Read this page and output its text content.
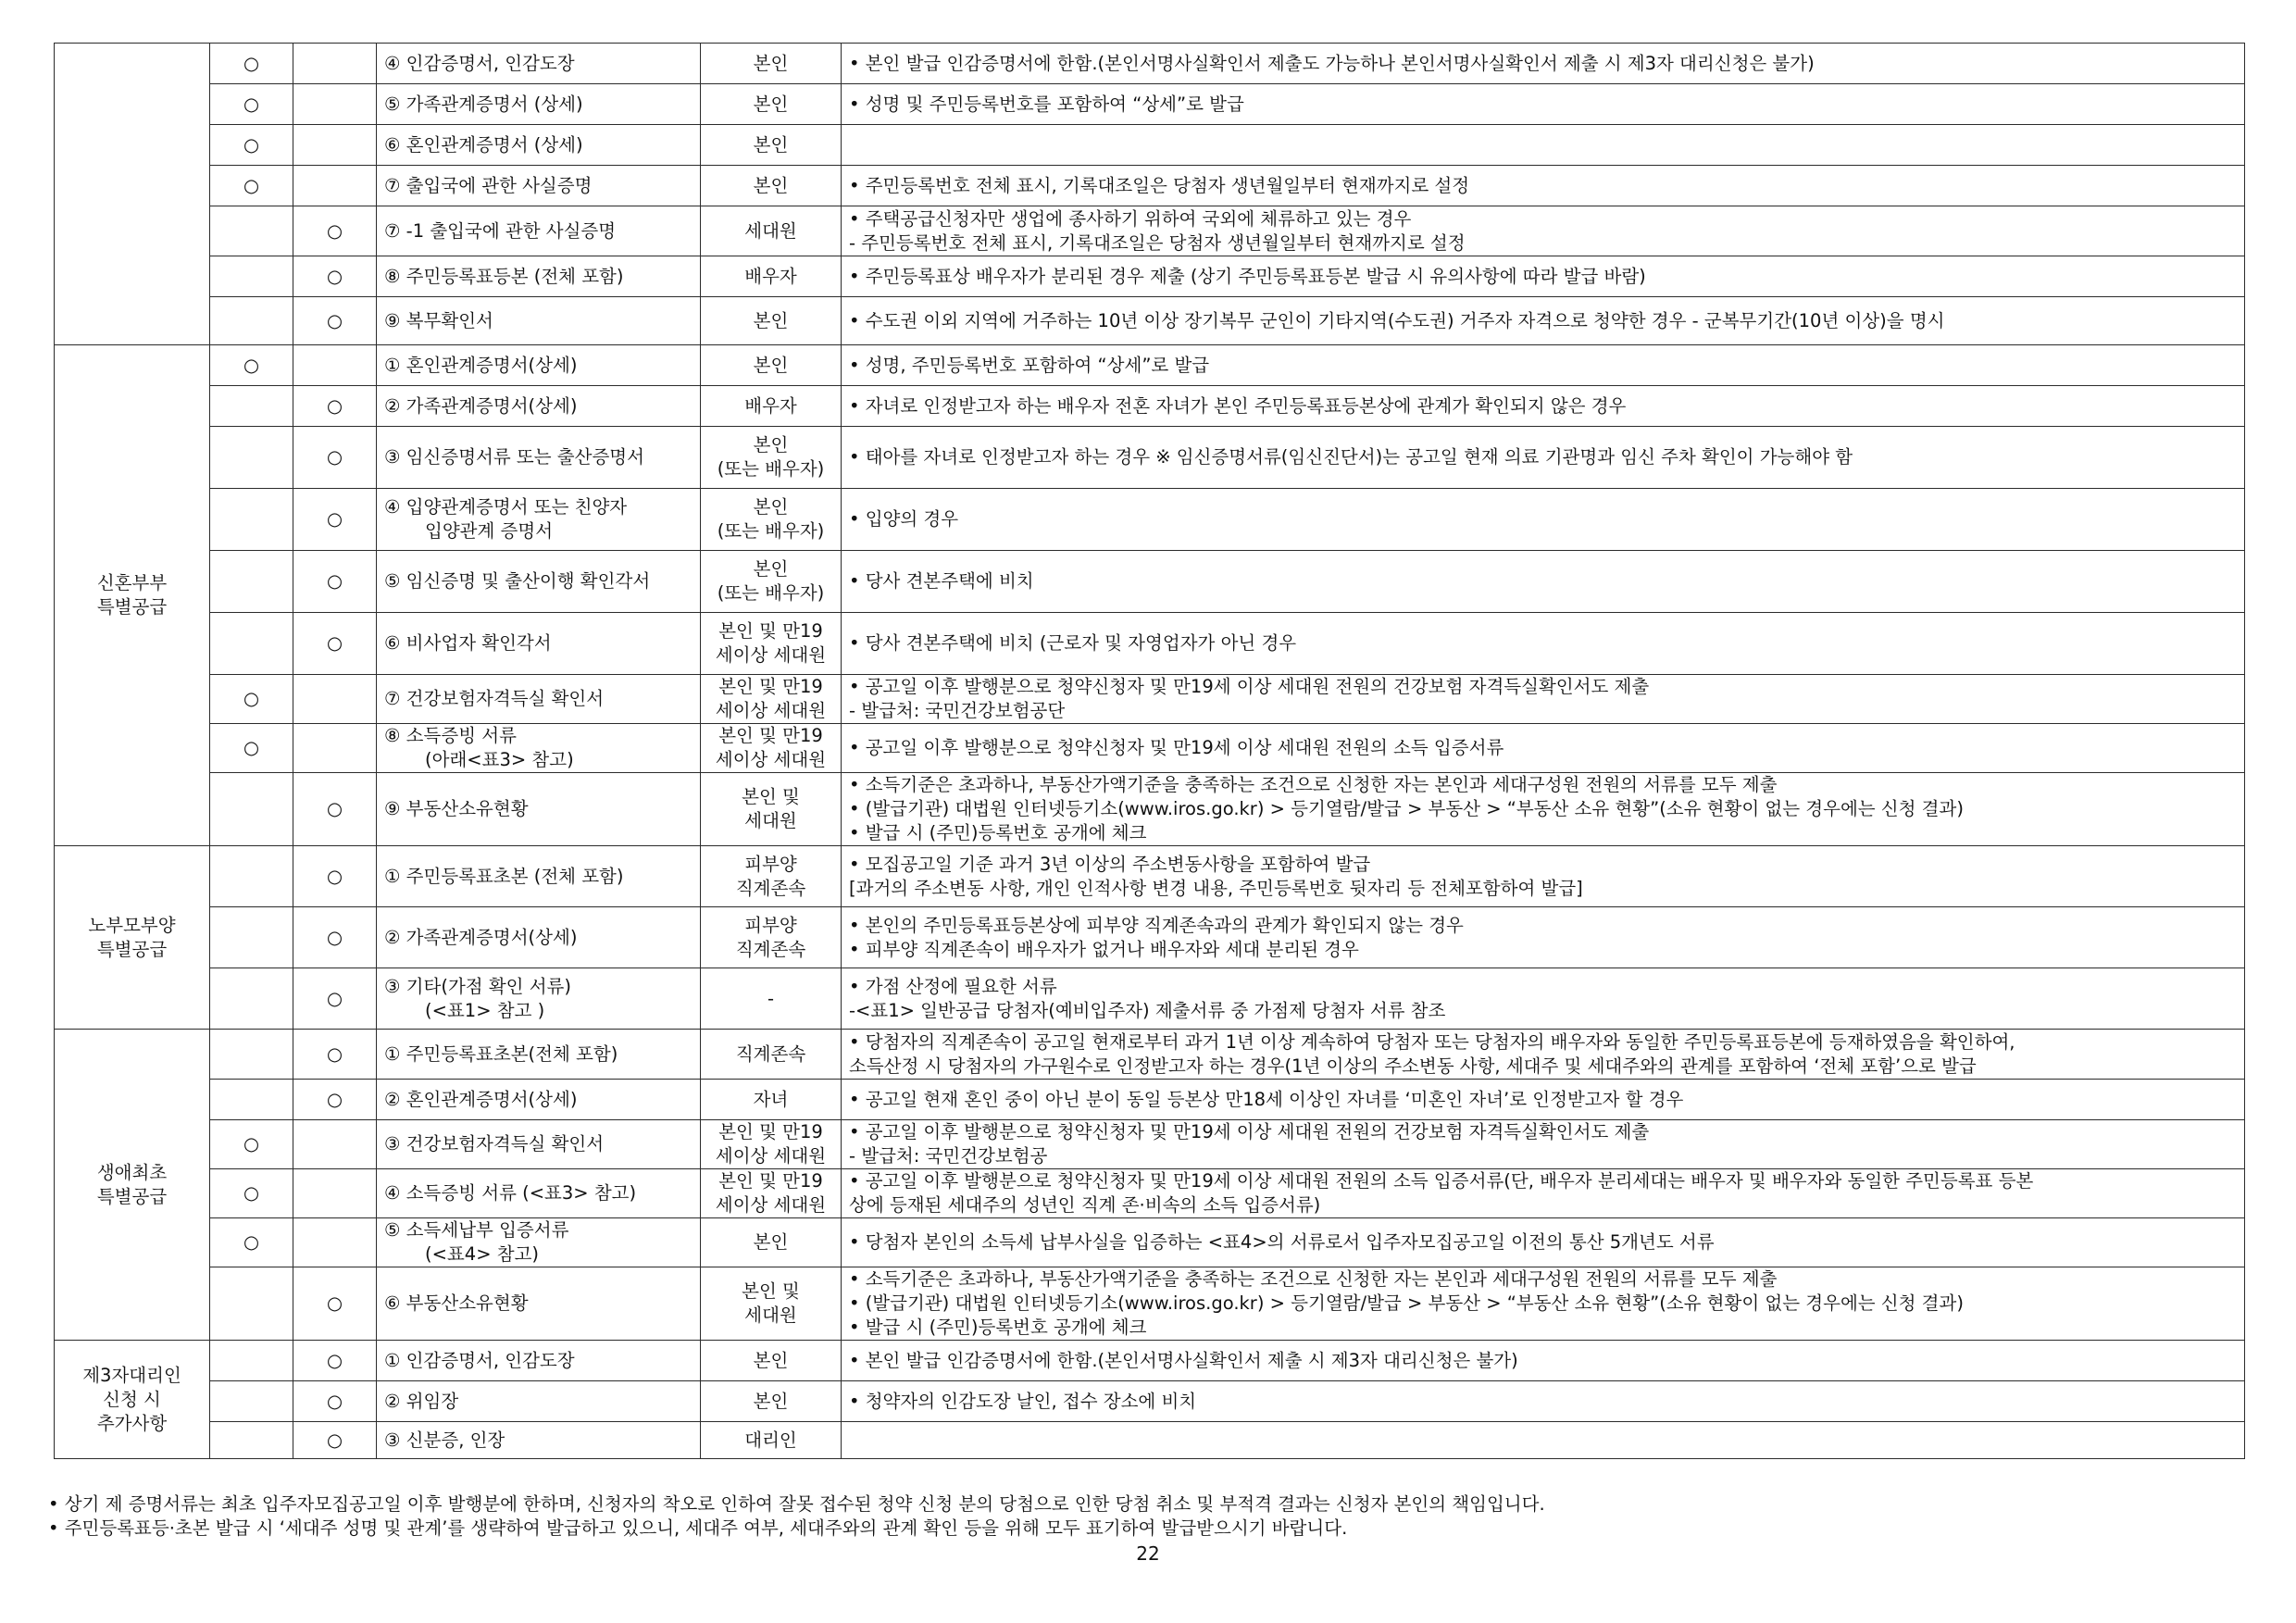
	○		④ 인감증명서, 인감도장	본인	• 본인 발급 인감증명서에 한함.(본인서명사실확인서 제출도 가능하나 본인서명사실확인서 제출 시 제3자 대리신청은 불가)

	○		⑤ 가족관계증명서 (상세)	본인	• 성명 및 주민등록번호를 포함하여 “상세”로 발급

	○		⑥ 혼인관계증명서 (상세)	본인	

	○		⑦ 출입국에 관한 사실증명	본인	• 주민등록번호 전체 표시, 기록대조일은 당첨자 생년월일부터 현재까지로 설정

		○	⑦ -1 출입국에 관한 사실증명	세대원	• 주택공급신청자만 생업에 종사하기 위하여 국외에 체류하고 있는 경우
- 주민등록번호 전체 표시, 기록대조일은 당첨자 생년월일부터 현재까지로 설정

		○	⑧ 주민등록표등본 (전체 포함)	배우자	• 주민등록표상 배우자가 분리된 경우 제출 (상기 주민등록표등본 발급 시 유의사항에 따라 발급 바람)

		○	⑨ 복무확인서	본인	• 수도권 이외 지역에 거주하는 10년 이상 장기복무 군인이 기타지역(수도권) 거주자 자격으로 청약한 경우 - 군복무기간(10년 이상)을 명시

신혼부부
특별공급	○		① 혼인관계증명서(상세)	본인	• 성명, 주민등록번호 포함하여 “상세”로 발급

		○	② 가족관계증명서(상세)	배우자	• 자녀로 인정받고자 하는 배우자 전혼 자녀가 본인 주민등록표등본상에 관계가 확인되지 않은 경우

		○	③ 임신증명서류 또는 출산증명서	본인
(또는 배우자)	• 태아를 자녀로 인정받고자 하는 경우 ※ 임신증명서류(임신진단서)는 공고일 현재 의료 기관명과 임신 주차 확인이 가능해야 함

		○	④ 입양관계증명서 또는 친양자
입양관계 증명서	본인
(또는 배우자)	• 입양의 경우

		○	⑤ 임신증명 및 출산이행 확인각서	본인
(또는 배우자)	• 당사 견본주택에 비치

		○	⑥ 비사업자 확인각서	본인 및 만19
세이상 세대원	• 당사 견본주택에 비치 (근로자 및 자영업자가 아닌 경우

	○		⑦ 건강보험자격득실 확인서	본인 및 만19
세이상 세대원	• 공고일 이후 발행분으로 청약신청자 및 만19세 이상 세대원 전원의 건강보험 자격득실확인서도 제출
- 발급처: 국민건강보험공단

	○		⑧ 소득증빙 서류
(아래<표3> 참고)	본인 및 만19
세이상 세대원	• 공고일 이후 발행분으로 청약신청자 및 만19세 이상 세대원 전원의 소득 입증서류

		○	⑨ 부동산소유현황	본인 및
세대원	• 소득기준은 초과하나, 부동산가액기준을 충족하는 조건으로 신청한 자는 본인과 세대구성원 전원의 서류를 모두 제출
• (발급기관) 대법원 인터넷등기소(www.iros.go.kr) > 등기열람/발급 > 부동산 > “부동산 소유 현황”(소유 현황이 없는 경우에는 신청 결과)
• 발급 시 (주민)등록번호 공개에 체크

노부모부양
특별공급		○	① 주민등록표초본 (전체 포함)	피부양
직계존속	• 모집공고일 기준 과거 3년 이상의 주소변동사항을 포함하여 발급
[과거의 주소변동 사항, 개인 인적사항 변경 내용, 주민등록번호 뒷자리 등 전체포함하여 발급]

		○	② 가족관계증명서(상세)	피부양
직계존속	• 본인의 주민등록표등본상에 피부양 직계존속과의 관계가 확인되지 않는 경우
• 피부양 직계존속이 배우자가 없거나 배우자와 세대 분리된 경우

		○	③ 기타(가점 확인 서류)
(<표1> 참고 )	-	• 가점 산정에 필요한 서류
-<표1> 일반공급 당첨자(예비입주자) 제출서류 중 가점제 당첨자 서류 참조

생애최초
특별공급		○	① 주민등록표초본(전체 포함)	직계존속	• 당첨자의 직계존속이 공고일 현재로부터 과거 1년 이상 계속하여 당첨자 또는 당첨자의 배우자와 동일한 주민등록표등본에 등재하였음을 확인하여,
소득산정 시 당첨자의 가구원수로 인정받고자 하는 경우(1년 이상의 주소변동 사항, 세대주 및 세대주와의 관계를 포함하여 ‘전체 포함’으로 발급

		○	② 혼인관계증명서(상세)	자녀	• 공고일 현재 혼인 중이 아닌 분이 동일 등본상 만18세 이상인 자녀를 ‘미혼인 자녀’로 인정받고자 할 경우

	○		③ 건강보험자격득실 확인서	본인 및 만19
세이상 세대원	• 공고일 이후 발행분으로 청약신청자 및 만19세 이상 세대원 전원의 건강보험 자격득실확인서도 제출
- 발급처: 국민건강보험공

	○		④ 소득증빙 서류 (<표3> 참고)	본인 및 만19
세이상 세대원	• 공고일 이후 발행분으로 청약신청자 및 만19세 이상 세대원 전원의 소득 입증서류(단, 배우자 분리세대는 배우자 및 배우자와 동일한 주민등록표 등본
상에 등재된 세대주의 성년인 직계 존·비속의 소득 입증서류)

	○		⑤ 소득세납부 입증서류
(<표4> 참고)	본인	• 당첨자 본인의 소득세 납부사실을 입증하는 <표4>의 서류로서 입주자모집공고일 이전의 통산 5개년도 서류

		○	⑥ 부동산소유현황	본인 및
세대원	• 소득기준은 초과하나, 부동산가액기준을 충족하는 조건으로 신청한 자는 본인과 세대구성원 전원의 서류를 모두 제출
• (발급기관) 대법원 인터넷등기소(www.iros.go.kr) > 등기열람/발급 > 부동산 > “부동산 소유 현황”(소유 현황이 없는 경우에는 신청 결과)
• 발급 시 (주민)등록번호 공개에 체크

제3자대리인
신청 시
추가사항		○	① 인감증명서, 인감도장	본인	• 본인 발급 인감증명서에 한함.(본인서명사실확인서 제출 시 제3자 대리신청은 불가)

		○	② 위임장	본인	• 청약자의 인감도장 날인, 접수 장소에 비치

		○	③ 신분증, 인장	대리인	

• 상기 제 증명서류는 최초 입주자모집공고일 이후 발행분에 한하며, 신청자의 착오로 인하여 잘못 접수된 청약 신청 분의 당첨으로 인한 당첨 취소 및 부적격 결과는 신청자 본인의 책임입니다.
• 주민등록표등·초본 발급 시 ‘세대주 성명 및 관계’를 생략하여 발급하고 있으니, 세대주 여부, 세대주와의 관계 확인 등을 위해 모두 표기하여 발급받으시기 바랍니다.
22
